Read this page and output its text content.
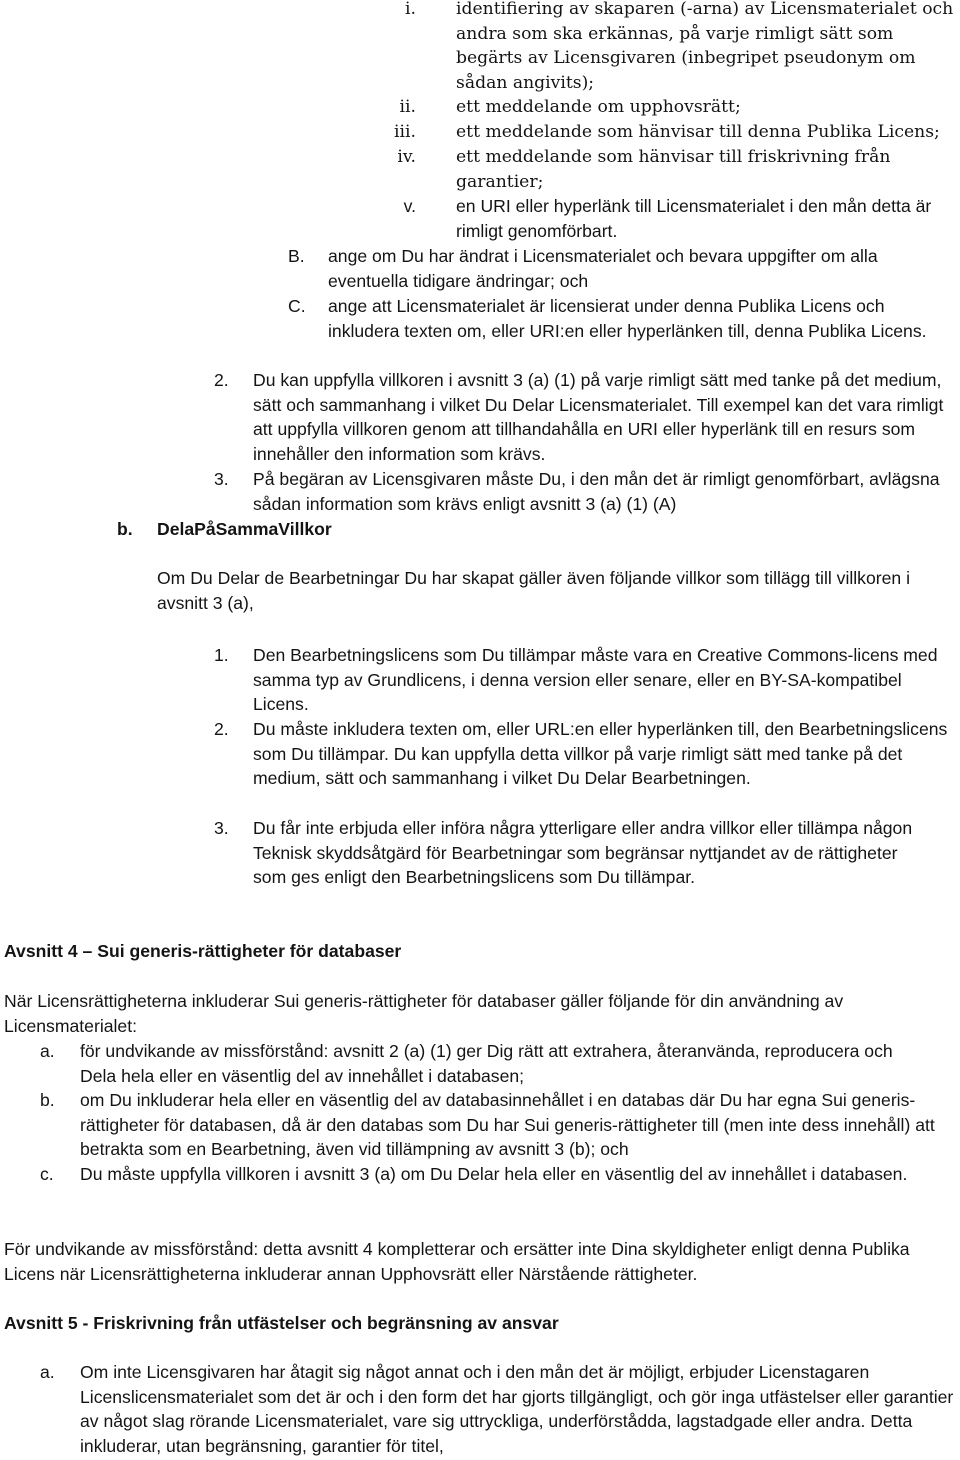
i. identifiering av skaparen (-arna) av Licensmaterialet och andra som ska erkännas, på varje rimligt sätt som begärts av Licensgivaren (inbegripet pseudonym om sådan angivits);
ii. ett meddelande om upphovsrätt;
iii. ett meddelande som hänvisar till denna Publika Licens;
iv. ett meddelande som hänvisar till friskrivning från garantier;
v. en URI eller hyperlänk till Licensmaterialet i den mån detta är rimligt genomförbart.
B. ange om Du har ändrat i Licensmaterialet och bevara uppgifter om alla eventuella tidigare ändringar; och
C. ange att Licensmaterialet är licensierat under denna Publika Licens och inkludera texten om, eller URI:en eller hyperlänken till, denna Publika Licens.
2. Du kan uppfylla villkoren i avsnitt 3 (a) (1) på varje rimligt sätt med tanke på det medium, sätt och sammanhang i vilket Du Delar Licensmaterialet. Till exempel kan det vara rimligt att uppfylla villkoren genom att tillhandahålla en URI eller hyperlänk till en resurs som innehåller den information som krävs.
3. På begäran av Licensgivaren måste Du, i den mån det är rimligt genomförbart, avlägsna sådan information som krävs enligt avsnitt 3 (a) (1) (A)
b. DelaPåSammaVillkor
Om Du Delar de Bearbetningar Du har skapat gäller även följande villkor som tillägg till villkoren i avsnitt 3 (a),
1. Den Bearbetningslicens som Du tillämpar måste vara en Creative Commons-licens med samma typ av Grundlicens, i denna version eller senare, eller en BY-SA-kompatibel Licens.
2. Du måste inkludera texten om, eller URL:en eller hyperlänken till, den Bearbetningslicens som Du tillämpar. Du kan uppfylla detta villkor på varje rimligt sätt med tanke på det medium, sätt och sammanhang i vilket Du Delar Bearbetningen.
3. Du får inte erbjuda eller införa några ytterligare eller andra villkor eller tillämpa någon Teknisk skyddsåtgärd för Bearbetningar som begränsar nyttjandet av de rättigheter som ges enligt den Bearbetningslicens som Du tillämpar.
Avsnitt 4 – Sui generis-rättigheter för databaser
När Licensrättigheterna inkluderar Sui generis-rättigheter för databaser gäller följande för din användning av Licensmaterialet:
a. för undvikande av missförstånd: avsnitt 2 (a) (1) ger Dig rätt att extrahera, återanvända, reproducera och Dela hela eller en väsentlig del av innehållet i databasen;
b. om Du inkluderar hela eller en väsentlig del av databasinnehållet i en databas där Du har egna Sui generis-rättigheter för databasen, då är den databas som Du har Sui generis-rättigheter till (men inte dess innehåll) att betrakta som en Bearbetning, även vid tillämpning av avsnitt 3 (b); och
c. Du måste uppfylla villkoren i avsnitt 3 (a) om Du Delar hela eller en väsentlig del av innehållet i databasen.
För undvikande av missförstånd: detta avsnitt 4 kompletterar och ersätter inte Dina skyldigheter enligt denna Publika Licens när Licensrättigheterna inkluderar annan Upphovsrätt eller Närstående rättigheter.
Avsnitt 5 - Friskrivning från utfästelser och begränsning av ansvar
a. Om inte Licensgivaren har åtagit sig något annat och i den mån det är möjligt, erbjuder Licenstagaren Licenslicensmaterialet som det är och i den form det har gjorts tillgängligt, och gör inga utfästelser eller garantier av något slag rörande Licensmaterialet, vare sig uttryckliga, underförstådda, lagstadgade eller andra. Detta inkluderar, utan begränsning, garantier för titel,
